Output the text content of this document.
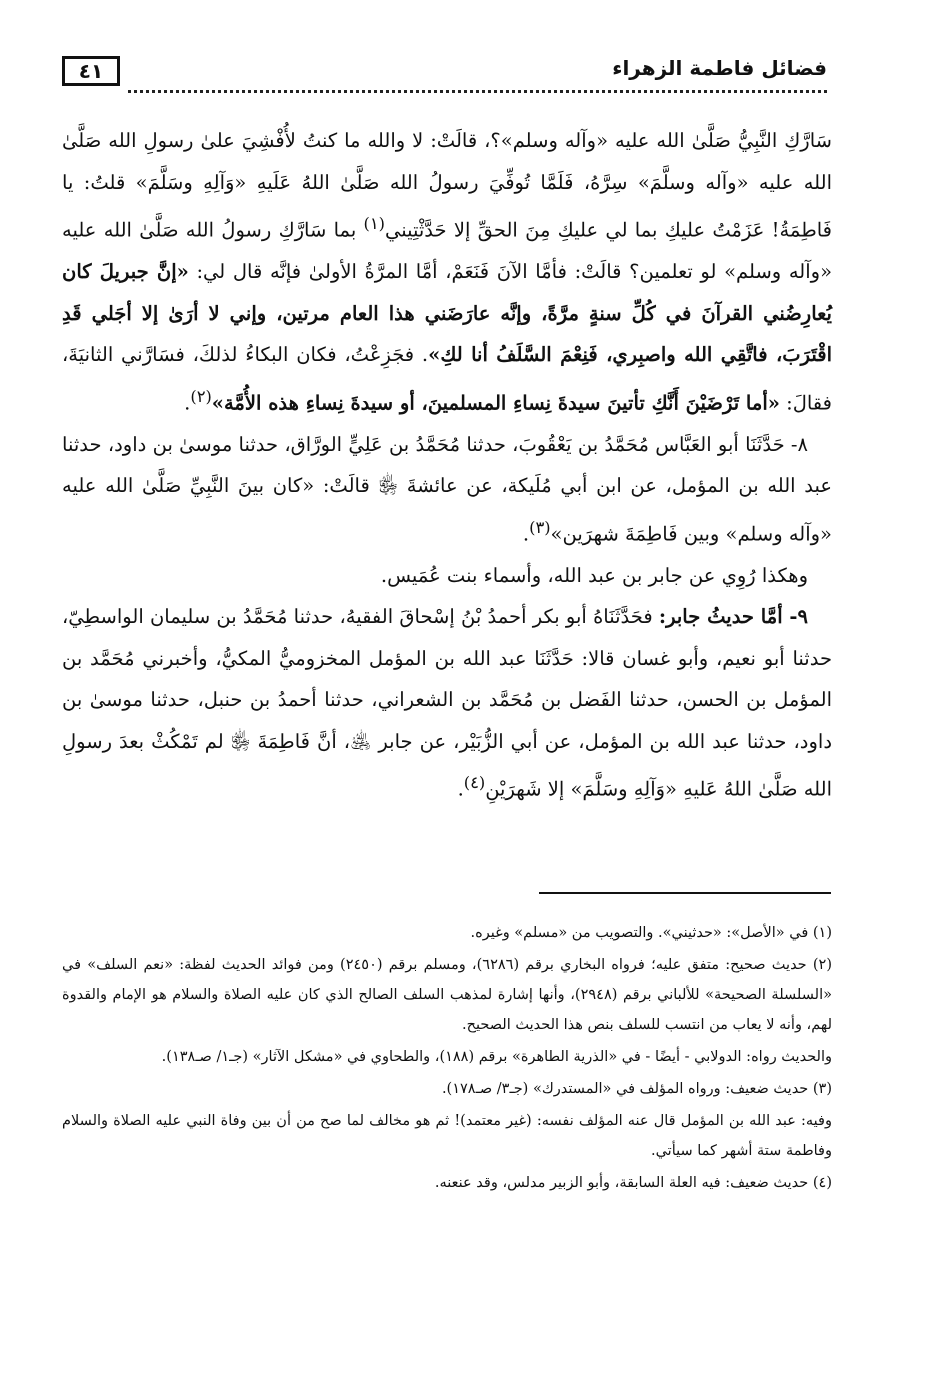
٤١	فضائل فاطمة الزهراء

سَارَّكِ النَّبِيُّ صَلَّىٰ الله عليه «وآله وسلم»؟، قالَتْ: لا والله ما كنتُ لأُفْشِيَ علىٰ رسولِ الله صَلَّىٰ الله عليه «وآله وسلَّمَ» سِرَّهُ، فَلَمَّا تُوفِّيَ رسولُ الله صَلَّىٰ اللهُ عَلَيهِ «وَآلِهِ وسَلَّمَ» قلتُ: يا فَاطِمَةُ! عَزَمْتُ عليكِ بما لي عليكِ مِنَ الحقِّ إلا حَدَّثْتِيني$^{(١)}$ بما سَارَّكِ رسولُ الله صَلَّىٰ الله عليه «وآله وسلم» لو تعلمين؟ قالَتْ: فأمَّا الآنَ فَنَعَمْ، أمَّا المرَّةُ الأولىٰ فإنَّه قال لي: «إنَّ جبريلَ كان يُعارِضُني القرآنَ في كُلِّ سنةٍ مرَّةً، وإنَّه عارَضَني هذا العام مرتين، وإني لا أرَىٰ إلا أجَلي قَدِ اقْتَرَبَ، فاتَّقِي الله واصبِري، فَنِعْمَ السَّلَفُ أنا لكِ». فجَزِعْتُ، فكان البكاءُ لذلكَ، فسَارَّني الثانيَةَ، فقالَ: «أما تَرْضَيْنَ أَنَّكِ تأتينَ سيدةَ نِساءِ المسلمينَ، أو سيدةَ نِساءِ هذه الأُمَّة»$^{(٢)}$.

٨- حَدَّثَنَا أبو العَبَّاس مُحَمَّدُ بن يَعْقُوبَ، حدثنا مُحَمَّدُ بن عَلِيٍّ الورَّاق، حدثنا موسىٰ بن داود، حدثنا عبد الله بن المؤمل، عن ابن أبي مُلَيكة، عن عائشةَ ﵂ قالَتْ: «كان بينَ النَّبِيِّ صَلَّىٰ الله عليه «وآله وسلم» وبين فَاطِمَةَ شهرَين»$^{(٣)}$.

وهكذا رُوِي عن جابر بن عبد الله، وأسماء بنت عُمَيس.

٩- أمَّا حديثُ جابر: فحَدَّثَنَاهُ أبو بكر أحمدُ بْنُ إسْحاقَ الفقيهُ، حدثنا مُحَمَّدُ بن سليمان الواسطِيّ، حدثنا أبو نعيم، وأبو غسان قالا: حَدَّثَنَا عبد الله بن المؤمل المخزوميُّ المكيُّ، وأخبرني مُحَمَّد بن المؤمل بن الحسن، حدثنا الفَضل بن مُحَمَّد بن الشعراني، حدثنا أحمدُ بن حنبل، حدثنا موسىٰ بن داود، حدثنا عبد الله بن المؤمل، عن أبي الزُّبَيْر، عن جابر ﵁، أنَّ فَاطِمَةَ ﵂ لم تَمْكُثْ بعدَ رسولِ الله صَلَّىٰ اللهُ عَليهِ «وَآلِهِ وسَلَّمَ» إلا شَهرَيْنِ$^{(٤)}$.

(١) في «الأصل»: «حدثيني». والتصويب من «مسلم» وغيره.

(٢) حديث صحيح: متفق عليه؛ فرواه البخاري برقم (٦٢٨٦)، ومسلم برقم (٢٤٥٠) ومن فوائد الحديث لفظة: «نعم السلف» في «السلسلة الصحيحة» للألباني برقم (٢٩٤٨)، وأنها إشارة لمذهب السلف الصالح الذي كان عليه الصلاة والسلام هو الإمام والقدوة لهم، وأنه لا يعاب من انتسب للسلف بنص هذا الحديث الصحيح.

والحديث رواه: الدولابي - أيضًا - في «الذرية الطاهرة» برقم (١٨٨)، والطحاوي في «مشكل الآثار» (جـ١/ صـ١٣٨).

(٣) حديث ضعيف: ورواه المؤلف في «المستدرك» (جـ٣/ صـ١٧٨).

وفيه: عبد الله بن المؤمل قال عنه المؤلف نفسه: (غير معتمد)! ثم هو مخالف لما صح من أن بين وفاة النبي عليه الصلاة والسلام وفاطمة ستة أشهر كما سيأتي.

(٤) حديث ضعيف: فيه العلة السابقة، وأبو الزبير مدلس، وقد عنعنه.
